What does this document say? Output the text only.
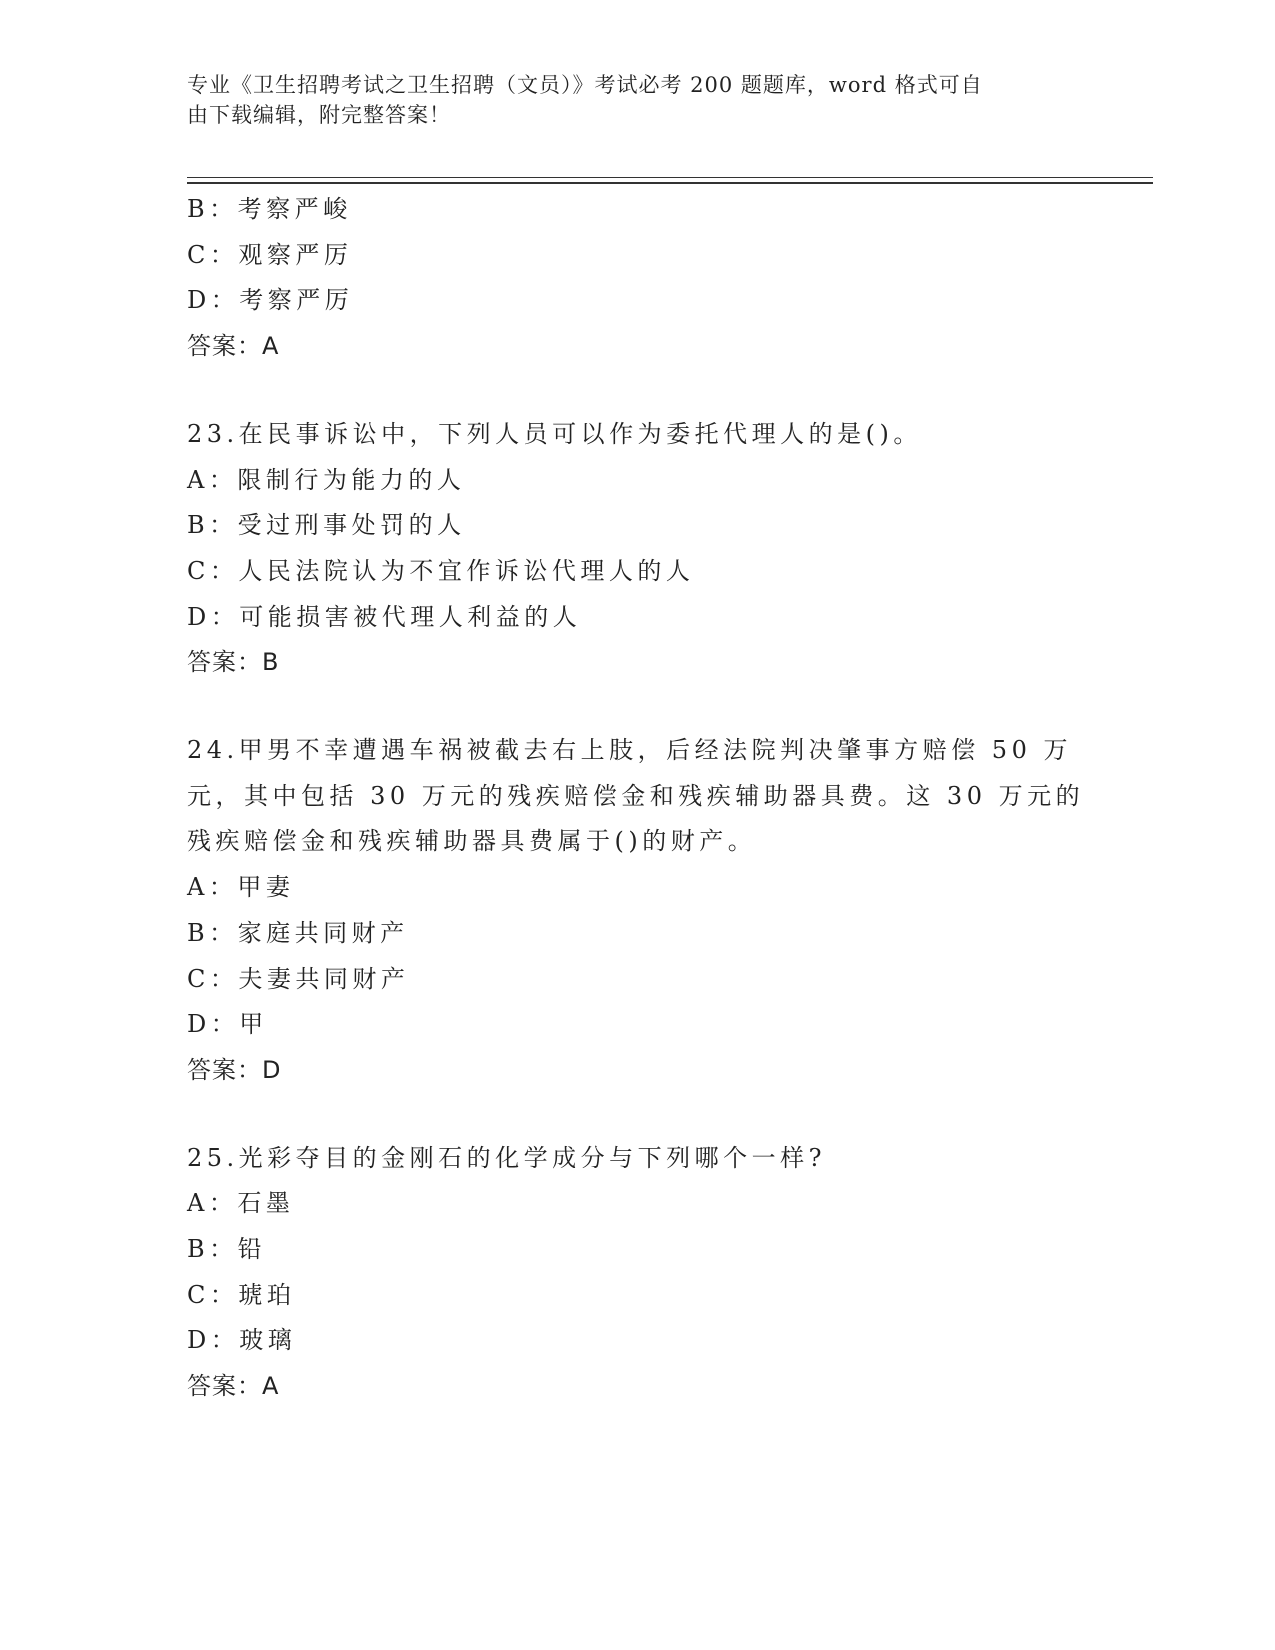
专业《卫生招聘考试之卫生招聘（文员）》考试必考 200 题题库，word 格式可自
由下载编辑，附完整答案！
B：考察严峻
C：观察严厉
D：考察严厉
答案：A
23.在民事诉讼中，下列人员可以作为委托代理人的是()。
A：限制行为能力的人
B：受过刑事处罚的人
C：人民法院认为不宜作诉讼代理人的人
D：可能损害被代理人利益的人
答案：B
24.甲男不幸遭遇车祸被截去右上肢，后经法院判决肇事方赔偿 50 万
元，其中包括 30 万元的残疾赔偿金和残疾辅助器具费。这 30 万元的
残疾赔偿金和残疾辅助器具费属于()的财产。
A：甲妻
B：家庭共同财产
C：夫妻共同财产
D：甲
答案：D
25.光彩夺目的金刚石的化学成分与下列哪个一样?
A：石墨
B：铅
C：琥珀
D：玻璃
答案：A
